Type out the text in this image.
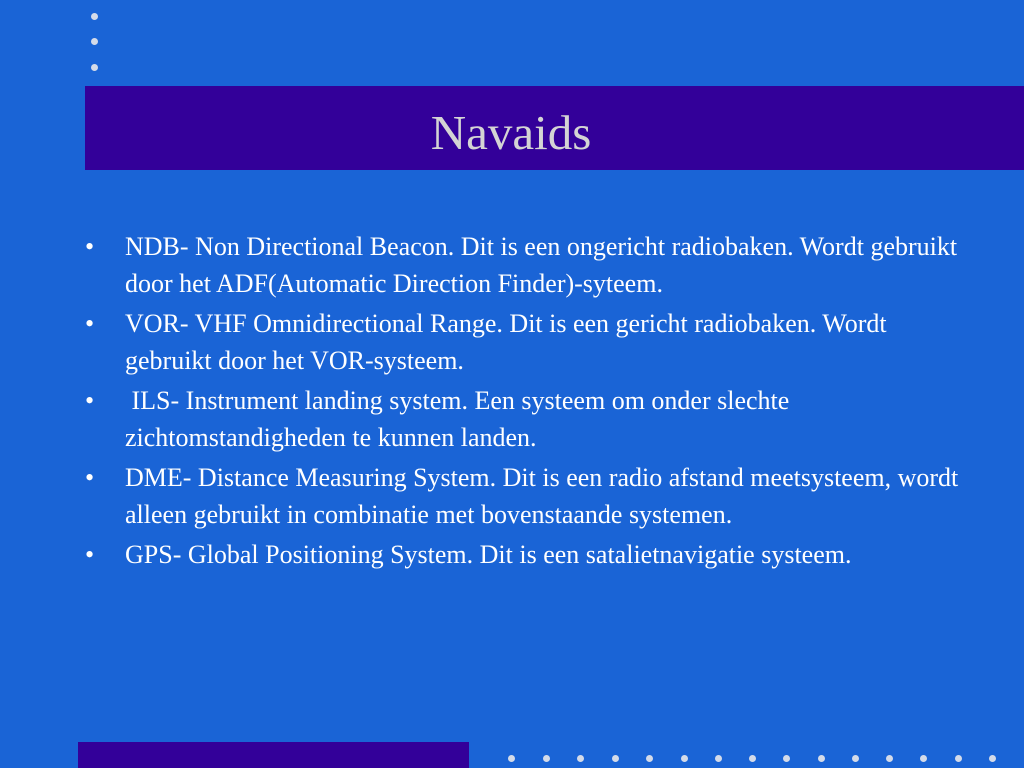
Navaids
•	NDB- Non Directional Beacon. Dit is een ongericht radiobaken. Wordt gebruikt door het ADF(Automatic Direction Finder)-syteem.
•	VOR- VHF Omnidirectional Range. Dit is een gericht radiobaken. Wordt gebruikt door het VOR-systeem.
•	ILS- Instrument landing system. Een systeem om onder slechte zichtomstandigheden te kunnen landen.
•	DME- Distance Measuring System. Dit is een radio afstand meetsysteem, wordt alleen gebruikt in combinatie met bovenstaande systemen.
•	GPS- Global Positioning System. Dit is een satalietnavigatie systeem.
